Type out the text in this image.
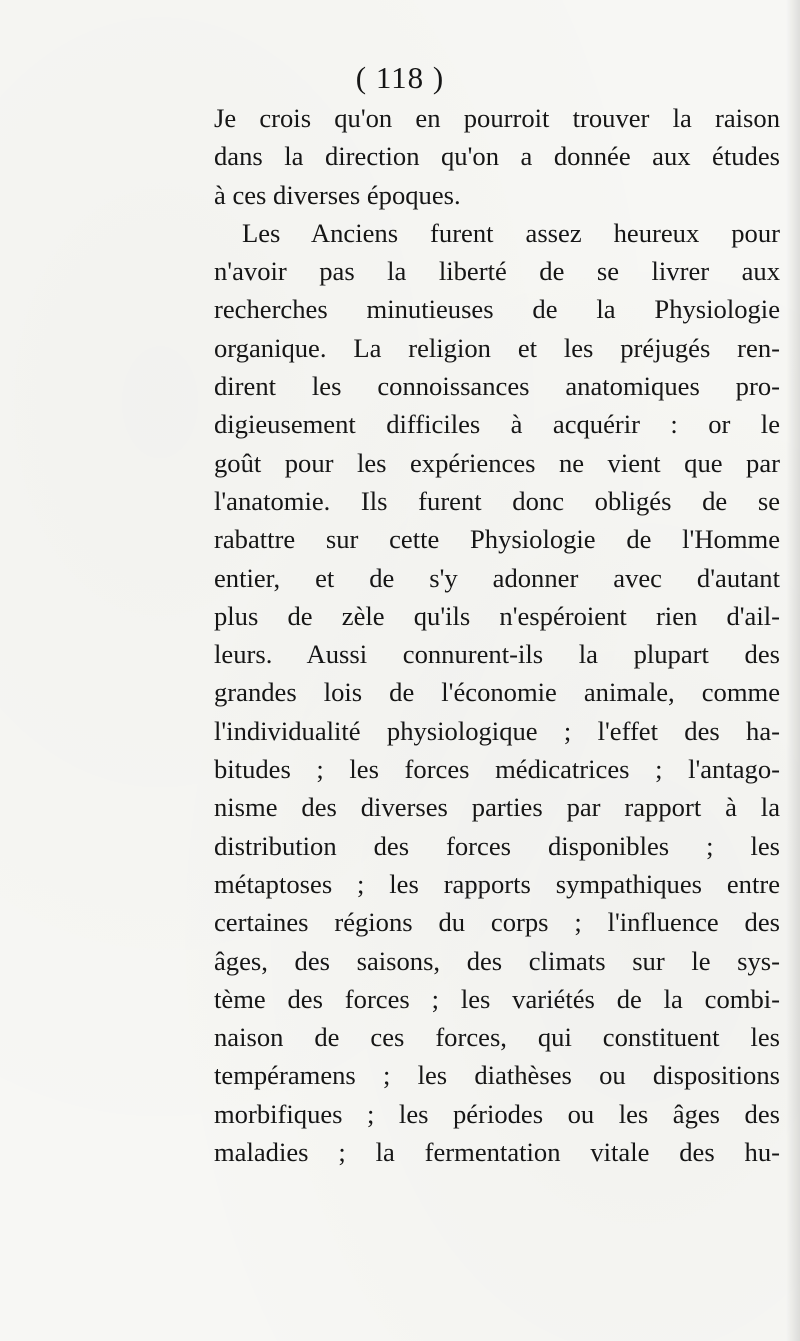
( 118 )
Je crois qu'on en pourroit trouver la raison
dans la direction qu'on a donnée aux études
à ces diverses époques.
Les Anciens furent assez heureux pour
n'avoir pas la liberté de se livrer aux
recherches minutieuses de la Physiologie
organique. La religion et les préjugés ren-
dirent les connoissances anatomiques pro-
digieusement difficiles à acquérir : or le
goût pour les expériences ne vient que par
l'anatomie. Ils furent donc obligés de se
rabattre sur cette Physiologie de l'Homme
entier, et de s'y adonner avec d'autant
plus de zèle qu'ils n'espéroient rien d'ail-
leurs. Aussi connurent-ils la plupart des
grandes lois de l'économie animale, comme
l'individualité physiologique ; l'effet des ha-
bitudes ; les forces médicatrices ; l'antago-
nisme des diverses parties par rapport à la
distribution des forces disponibles ; les
métaptoses ; les rapports sympathiques entre
certaines régions du corps ; l'influence des
âges, des saisons, des climats sur le sys-
tème des forces ; les variétés de la combi-
naison de ces forces, qui constituent les
tempéramens ; les diathèses ou dispositions
morbifiques ; les périodes ou les âges des
maladies ; la fermentation vitale des hu-
